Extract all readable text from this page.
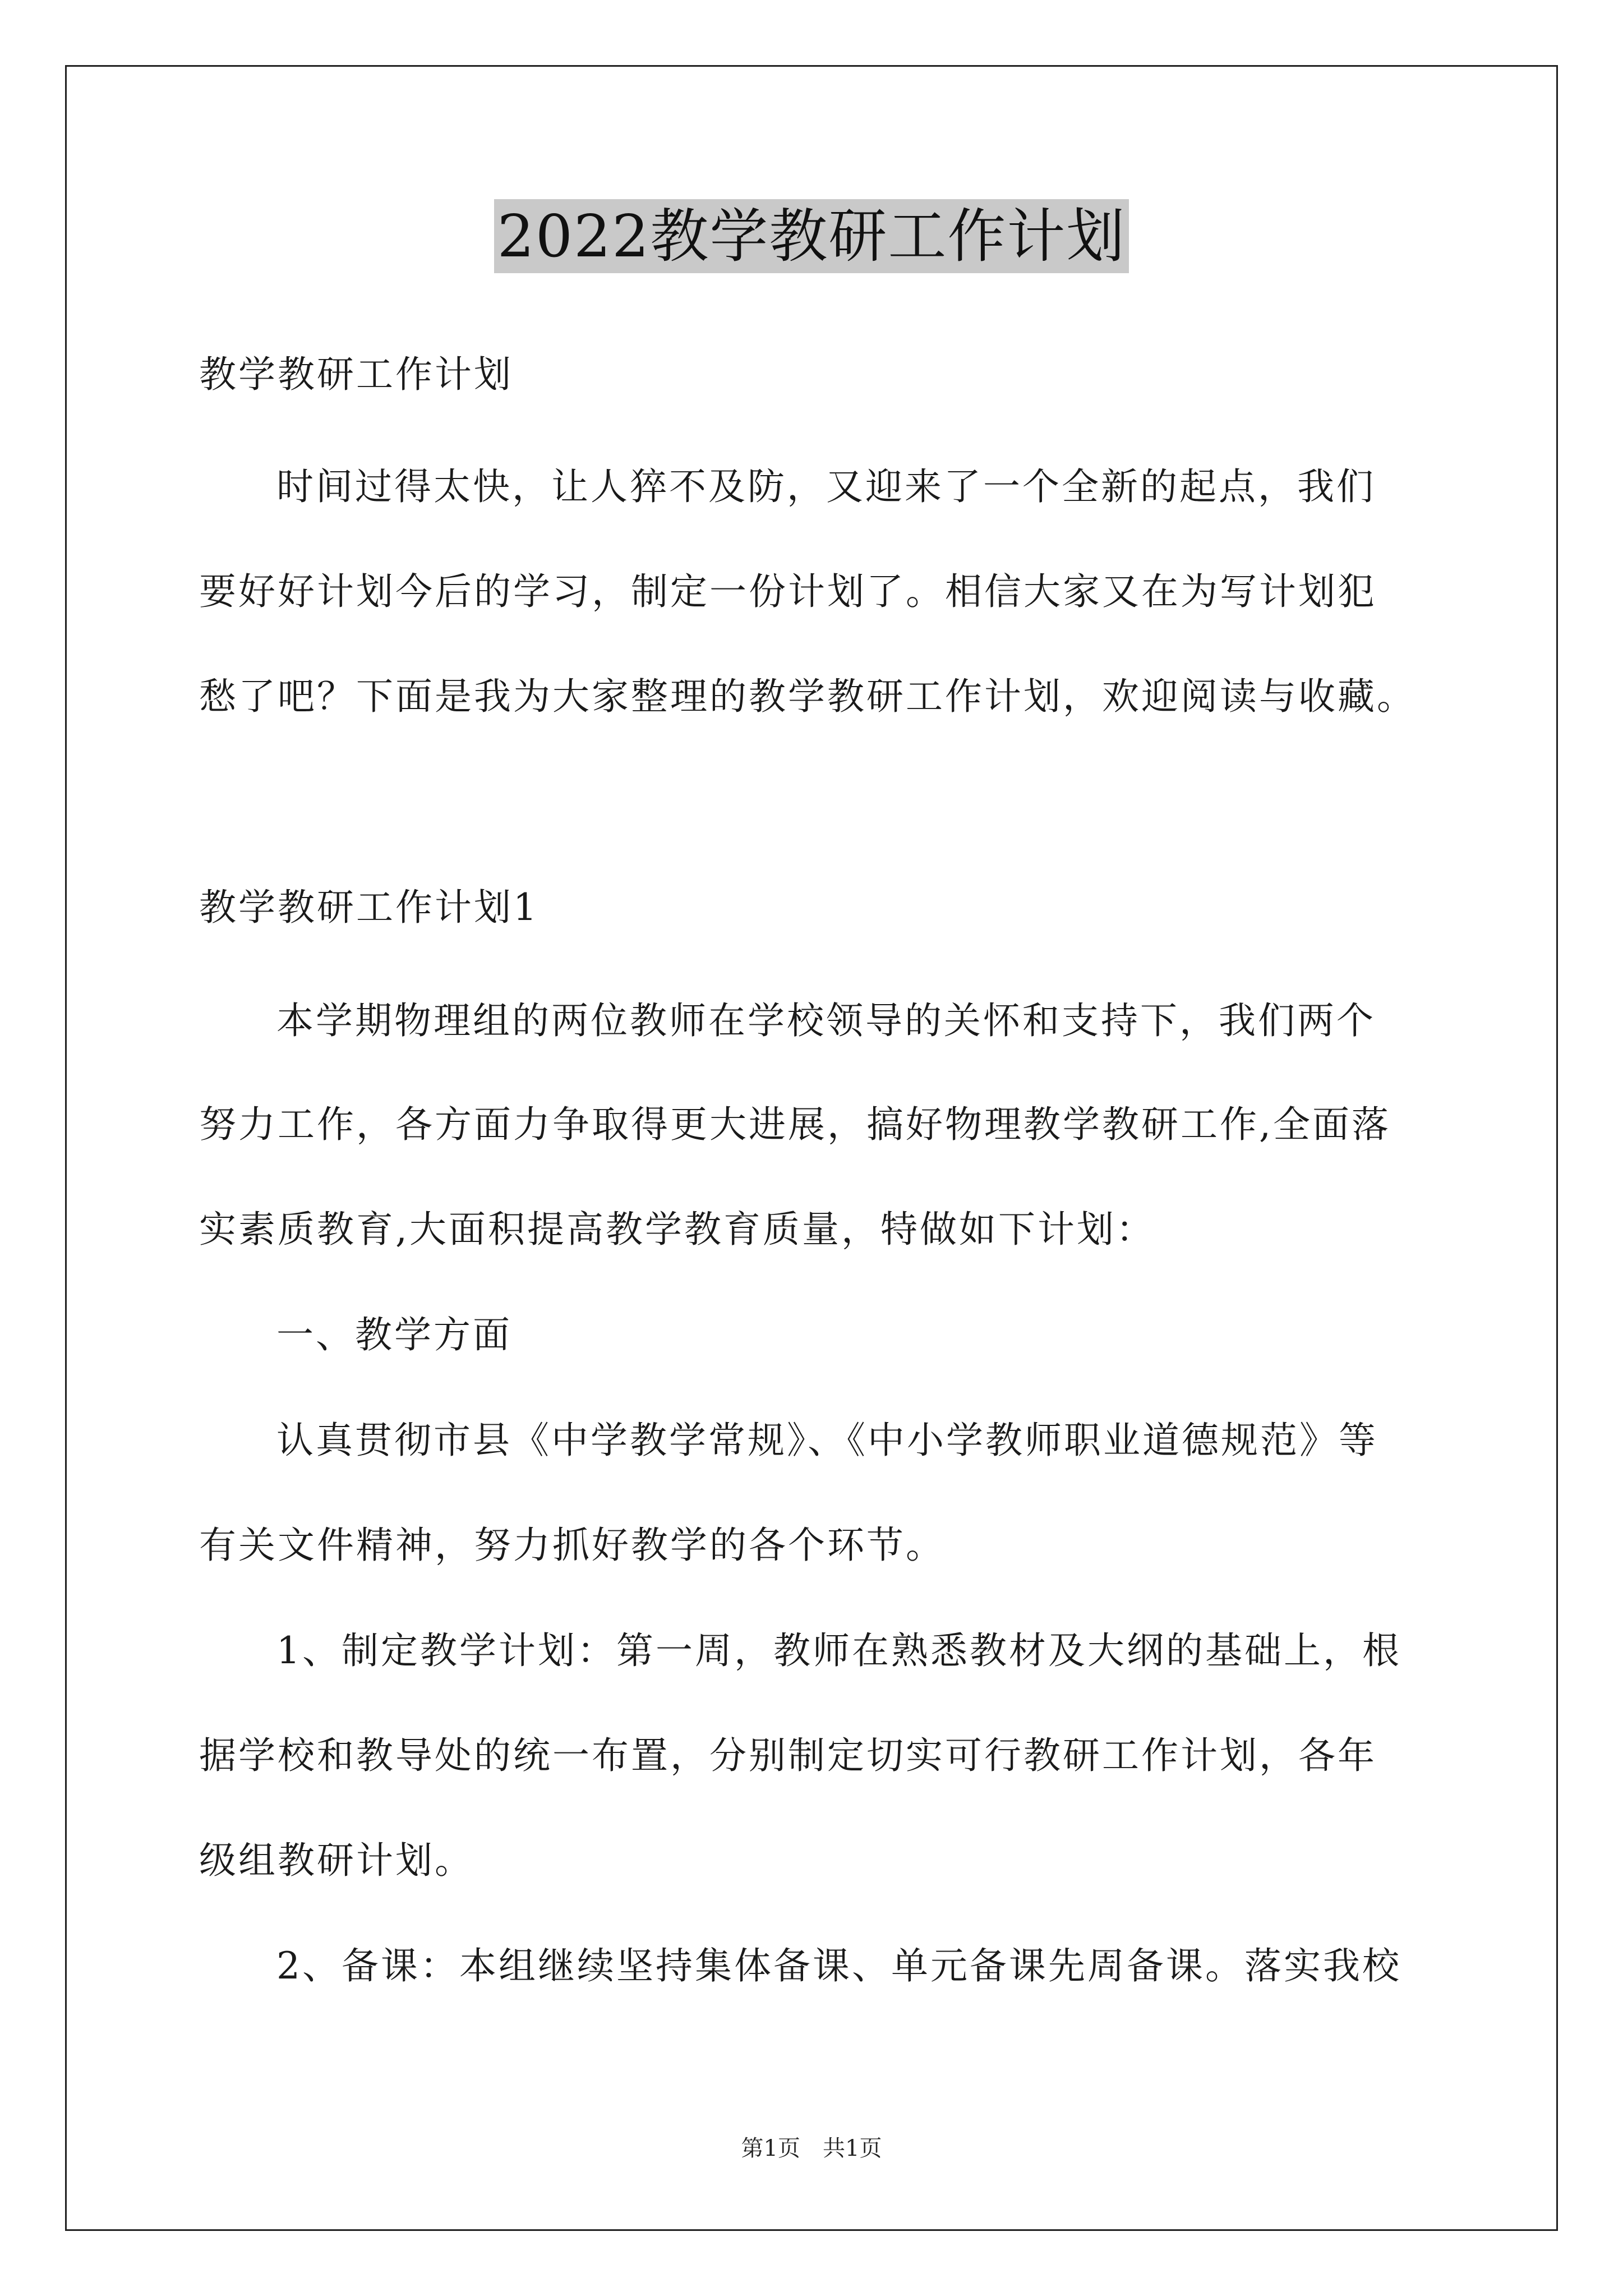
2022教学教研工作计划
教学教研工作计划
时间过得太快，让人猝不及防，又迎来了一个全新的起点，我们
要好好计划今后的学习，制定一份计划了。相信大家又在为写计划犯
愁了吧？下面是我为大家整理的教学教研工作计划，欢迎阅读与收藏。
教学教研工作计划1
本学期物理组的两位教师在学校领导的关怀和支持下，我们两个
努力工作，各方面力争取得更大进展，搞好物理教学教研工作,全面落
实素质教育,大面积提高教学教育质量，特做如下计划：
一、教学方面
认真贯彻市县《中学教学常规》、《中小学教师职业道德规范》等
有关文件精神，努力抓好教学的各个环节。
1、制定教学计划：第一周，教师在熟悉教材及大纲的基础上，根
据学校和教导处的统一布置，分别制定切实可行教研工作计划，各年
级组教研计划。
2、备课：本组继续坚持集体备课、单元备课先周备课。落实我校
第1页　共1页
